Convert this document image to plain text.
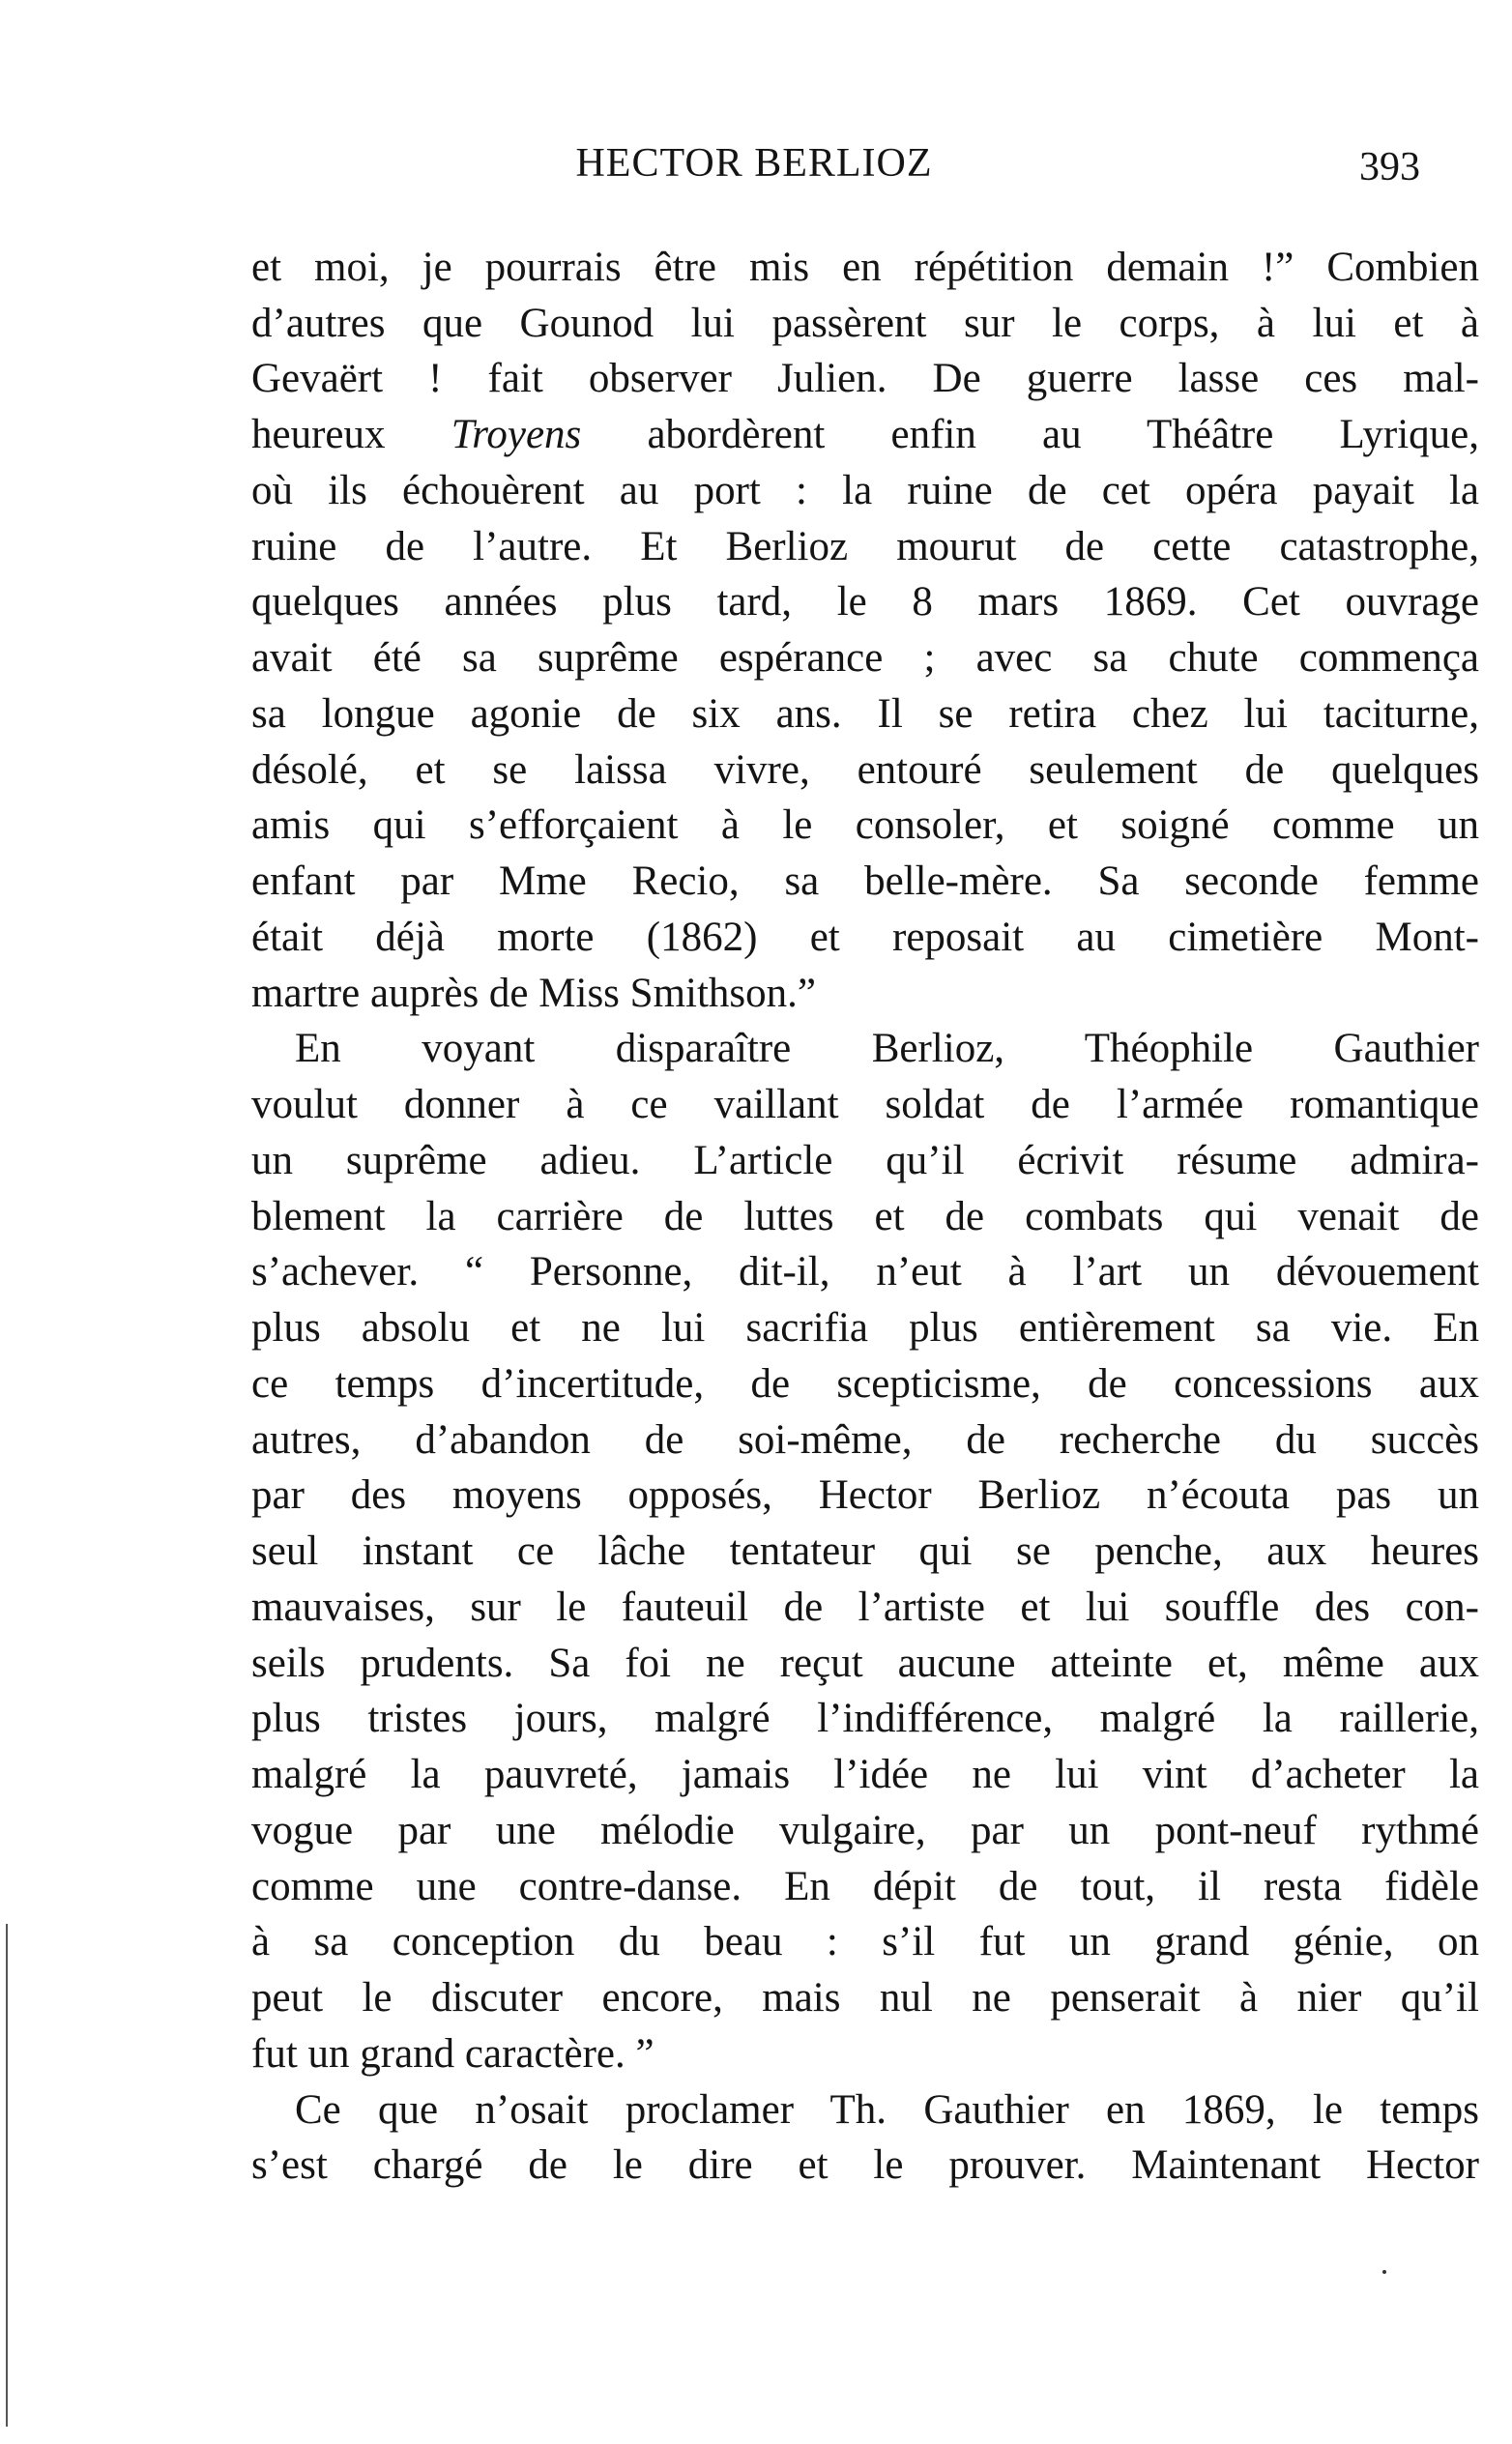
HECTOR BERLIOZ	393
et moi, je pourrais être mis en répétition demain !” Combien
d’autres que Gounod lui passèrent sur le corps, à lui et à
Gevaërt ! fait observer Julien. De guerre lasse ces mal-
heureux Troyens abordèrent enfin au Théâtre Lyrique,
où ils échouèrent au port : la ruine de cet opéra payait la
ruine de l’autre. Et Berlioz mourut de cette catastrophe,
quelques années plus tard, le 8 mars 1869. Cet ouvrage
avait été sa suprême espérance ; avec sa chute commença
sa longue agonie de six ans. Il se retira chez lui taciturne,
désolé, et se laissa vivre, entouré seulement de quelques
amis qui s’efforçaient à le consoler, et soigné comme un
enfant par Mme Recio, sa belle-mère. Sa seconde femme
était déjà morte (1862) et reposait au cimetière Mont-
martre auprès de Miss Smithson.”
En voyant disparaître Berlioz, Théophile Gauthier
voulut donner à ce vaillant soldat de l’armée romantique
un suprême adieu. L’article qu’il écrivit résume admira-
blement la carrière de luttes et de combats qui venait de
s’achever. “ Personne, dit-il, n’eut à l’art un dévouement
plus absolu et ne lui sacrifia plus entièrement sa vie. En
ce temps d’incertitude, de scepticisme, de concessions aux
autres, d’abandon de soi-même, de recherche du succès
par des moyens opposés, Hector Berlioz n’écouta pas un
seul instant ce lâche tentateur qui se penche, aux heures
mauvaises, sur le fauteuil de l’artiste et lui souffle des con-
seils prudents. Sa foi ne reçut aucune atteinte et, même aux
plus tristes jours, malgré l’indifférence, malgré la raillerie,
malgré la pauvreté, jamais l’idée ne lui vint d’acheter la
vogue par une mélodie vulgaire, par un pont-neuf rythmé
comme une contre-danse. En dépit de tout, il resta fidèle
à sa conception du beau : s’il fut un grand génie, on
peut le discuter encore, mais nul ne penserait à nier qu’il
fut un grand caractère. ”
Ce que n’osait proclamer Th. Gauthier en 1869, le temps
s’est chargé de le dire et le prouver. Maintenant Hector
